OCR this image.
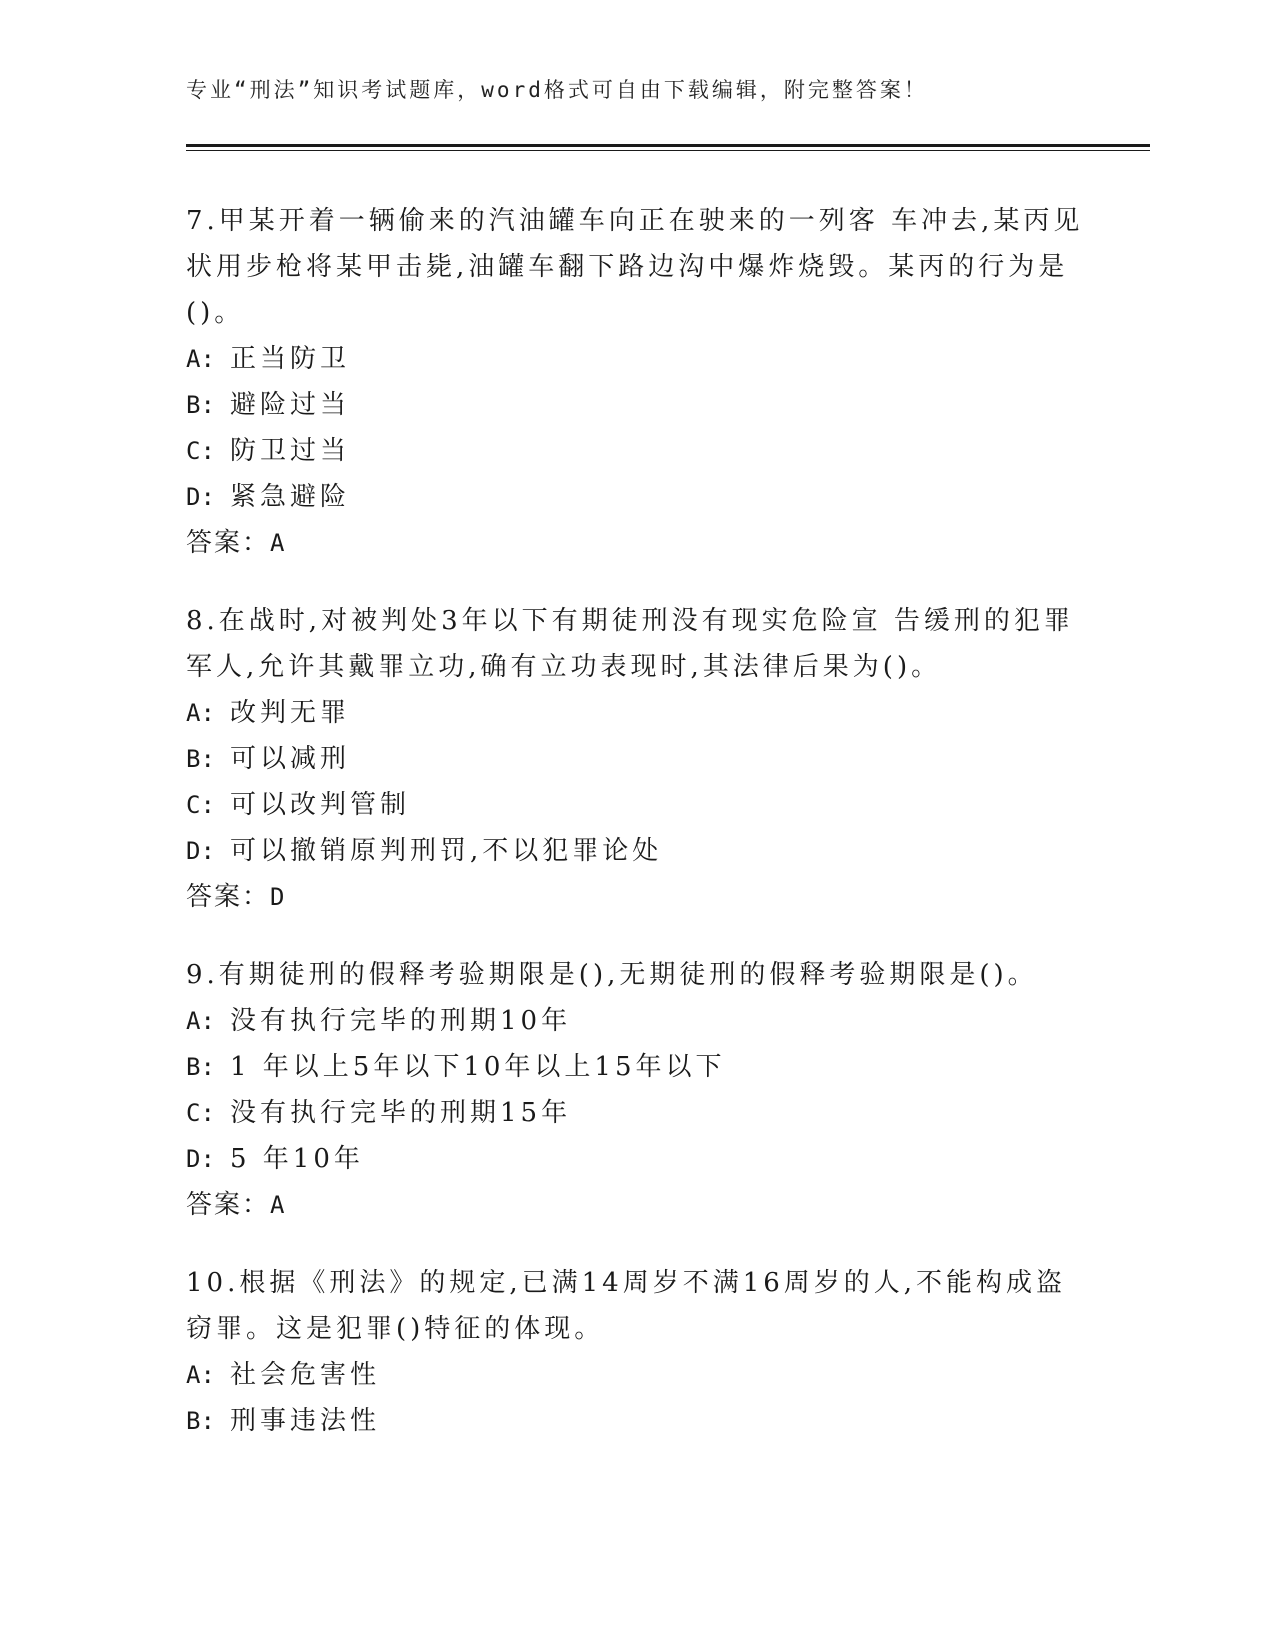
专业“刑法”知识考试题库，word格式可自由下载编辑，附完整答案！

7.甲某开着一辆偷来的汽油罐车向正在驶来的一列客 车冲去,某丙见状用步枪将某甲击毙,油罐车翻下路边沟中爆炸烧毁。某丙的行为是()。

A: 正当防卫
B: 避险过当
C: 防卫过当
D: 紧急避险
答案：A

8.在战时,对被判处3年以下有期徒刑没有现实危险宣 告缓刑的犯罪军人,允许其戴罪立功,确有立功表现时,其法律后果为()。

A: 改判无罪
B: 可以减刑
C: 可以改判管制
D: 可以撤销原判刑罚,不以犯罪论处
答案：D

9.有期徒刑的假释考验期限是(),无期徒刑的假释考验期限是()。

A: 没有执行完毕的刑期10年
B: 1 年以上5年以下10年以上15年以下
C: 没有执行完毕的刑期15年
D: 5 年10年
答案：A

10.根据《刑法》的规定,已满14周岁不满16周岁的人,不能构成盗窃罪。这是犯罪()特征的体现。

A: 社会危害性
B: 刑事违法性
